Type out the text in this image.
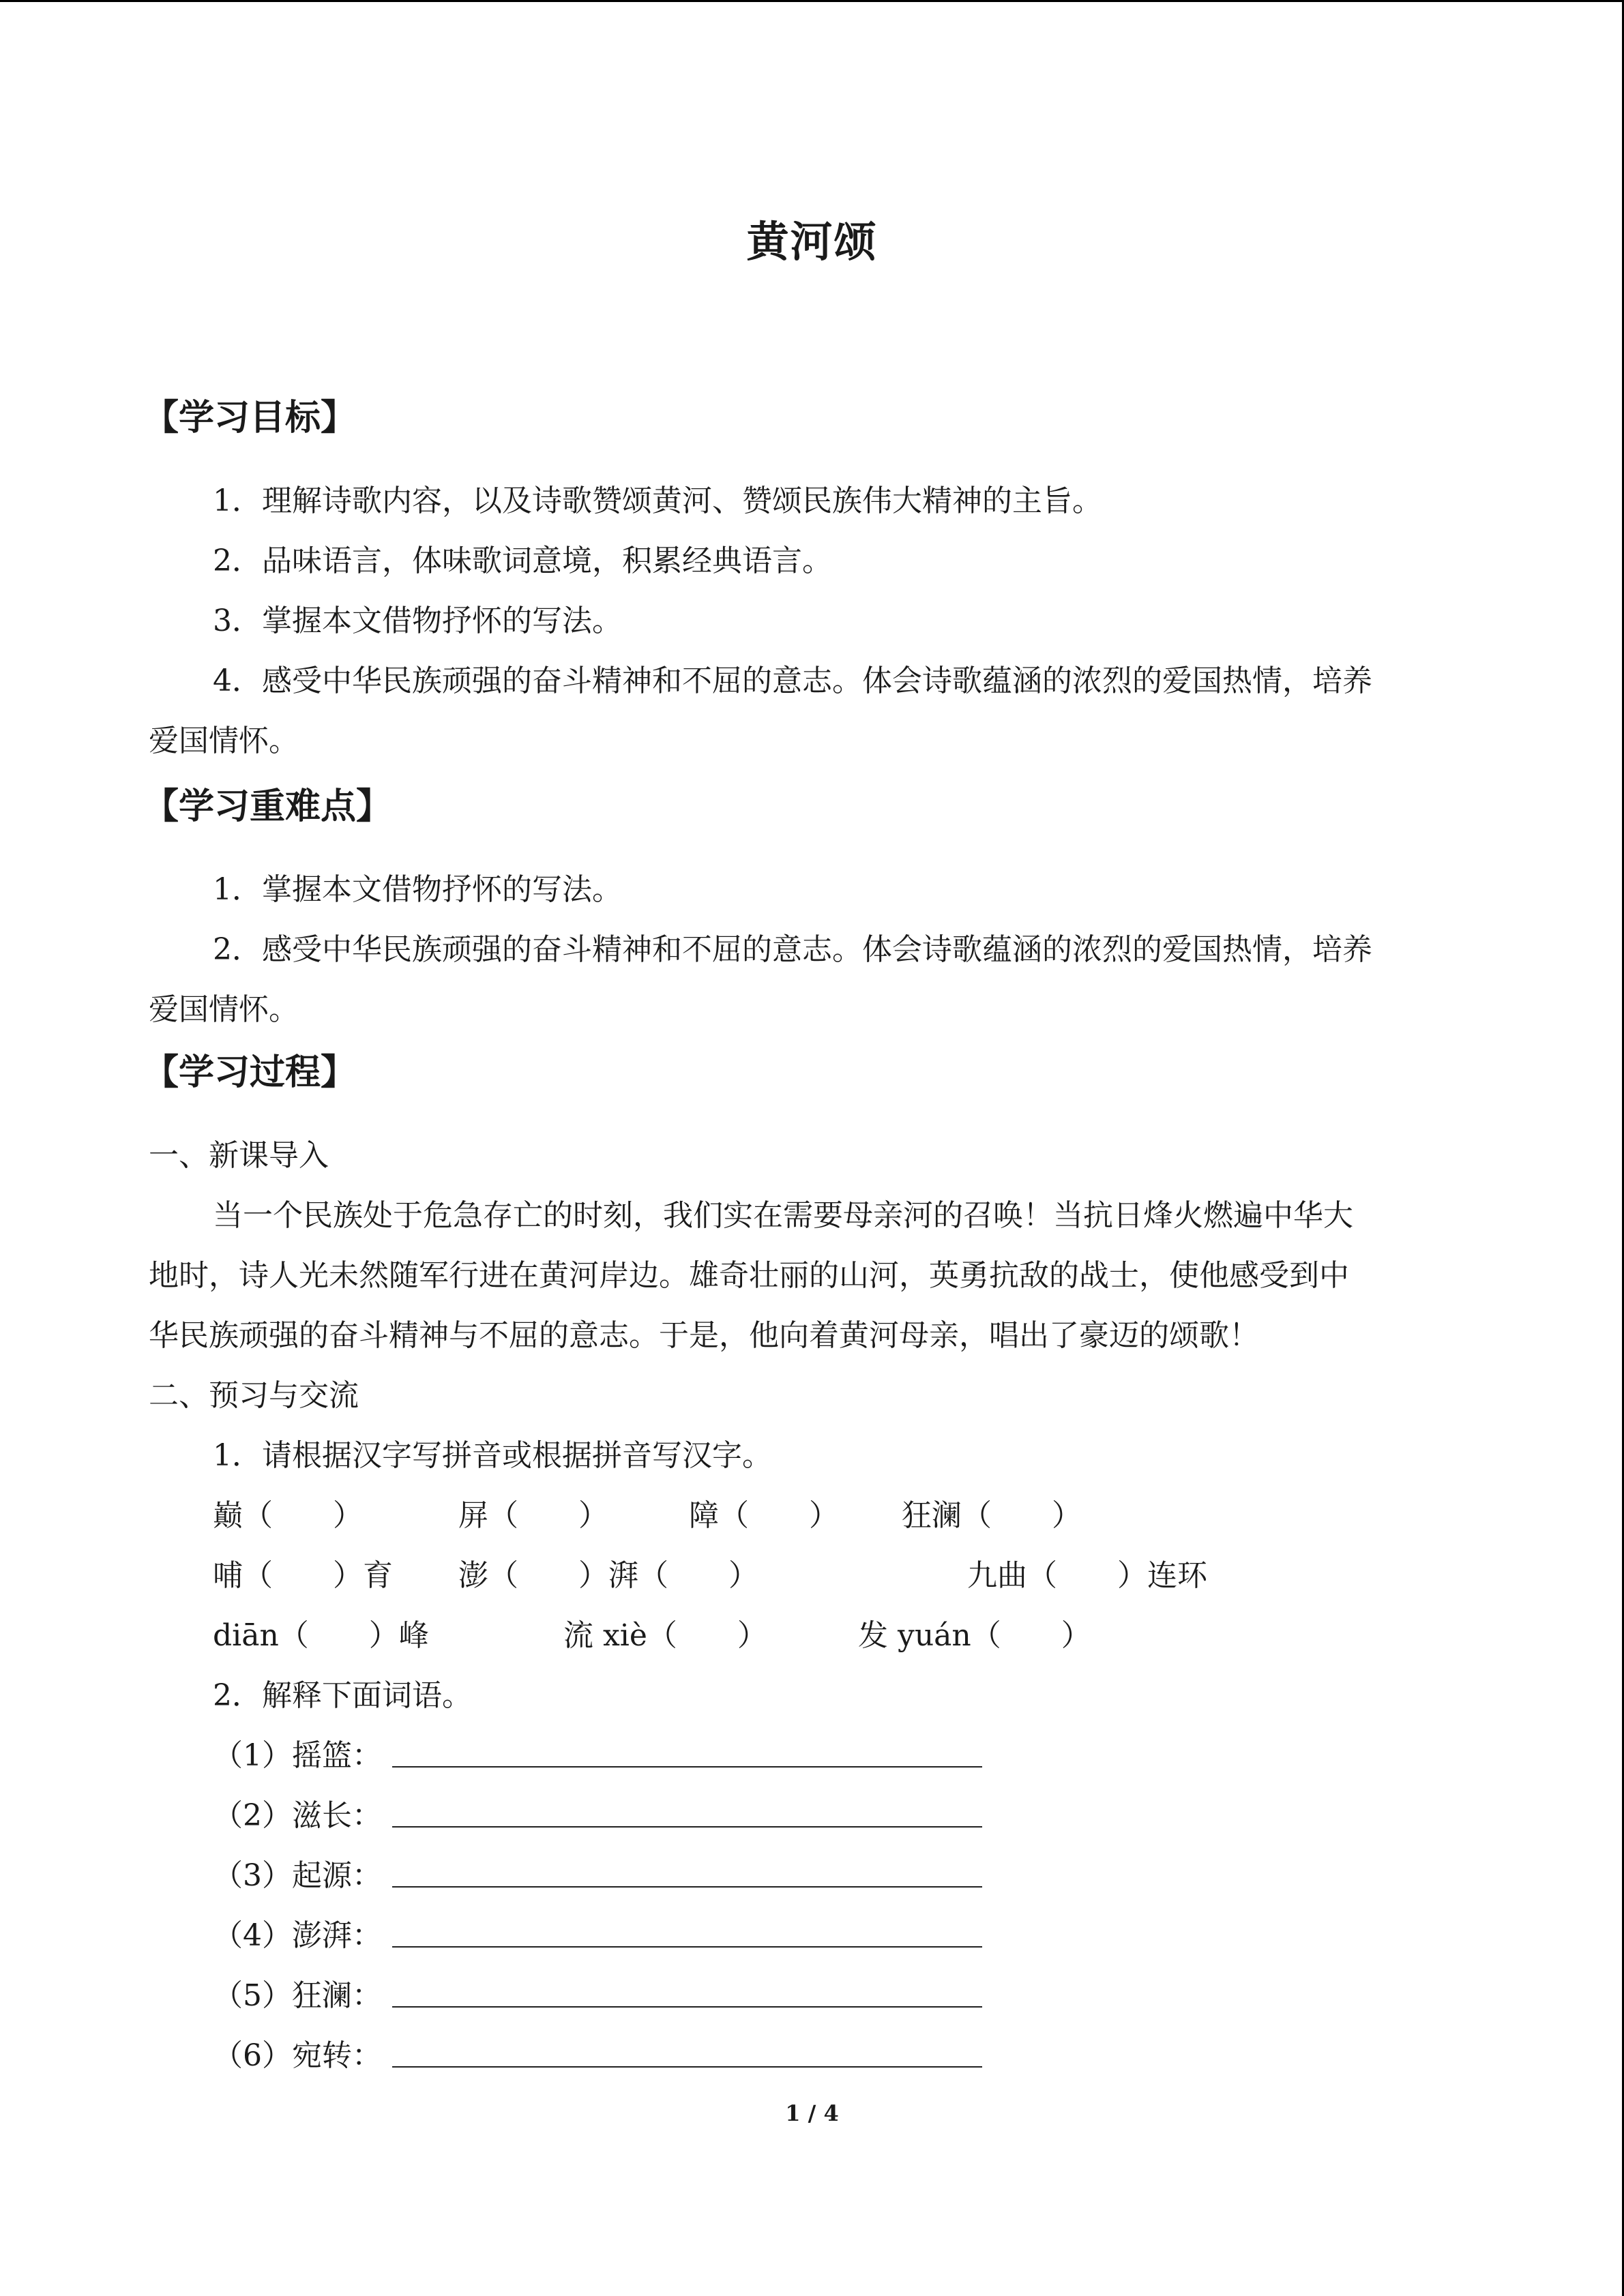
黄河颂
【学习目标】
1．理解诗歌内容，以及诗歌赞颂黄河、赞颂民族伟大精神的主旨。
2．品味语言，体味歌词意境，积累经典语言。
3．掌握本文借物抒怀的写法。
4．感受中华民族顽强的奋斗精神和不屈的意志。体会诗歌蕴涵的浓烈的爱国热情，培养
爱国情怀。
【学习重难点】
1．掌握本文借物抒怀的写法。
2．感受中华民族顽强的奋斗精神和不屈的意志。体会诗歌蕴涵的浓烈的爱国热情，培养
爱国情怀。
【学习过程】
一、新课导入
当一个民族处于危急存亡的时刻，我们实在需要母亲河的召唤！当抗日烽火燃遍中华大
地时，诗人光未然随军行进在黄河岸边。雄奇壮丽的山河，英勇抗敌的战士，使他感受到中
华民族顽强的奋斗精神与不屈的意志。于是，他向着黄河母亲，唱出了豪迈的颂歌！
二、预习与交流
1．请根据汉字写拼音或根据拼音写汉字。
巅（　　）	屏（　　）	障（　　） 狂澜（　　）
哺（　　）育 澎（　　）湃（　　）	九曲（　　）连环
diān（　　）峰	流 xiè（　　）	发 yuán（　　）
2．解释下面词语。
（1）摇篮：
（2）滋长：
（3）起源：
（4）澎湃：
（5）狂澜：
（6）宛转：
1 / 4
